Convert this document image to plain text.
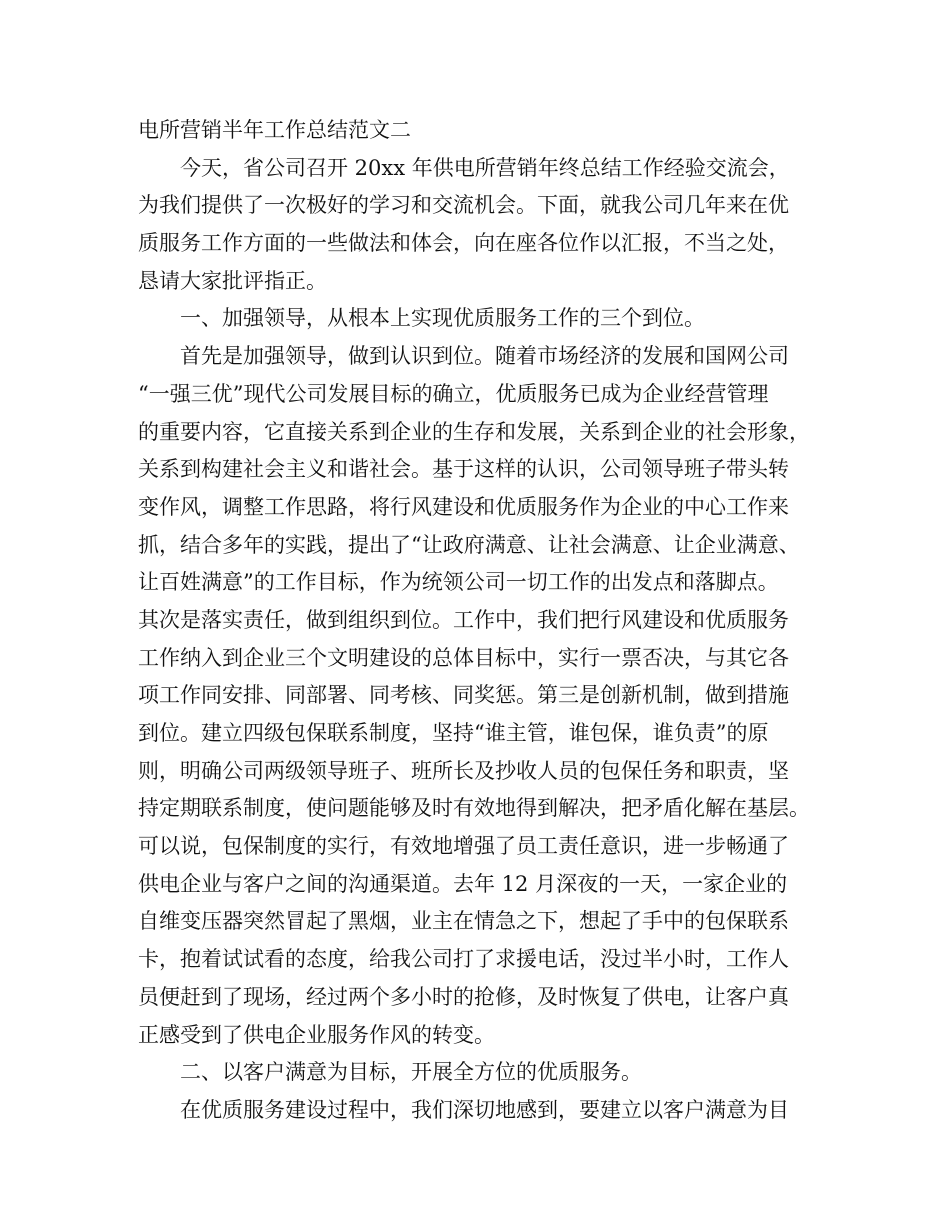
电所营销半年工作总结范文二
今天，省公司召开 20xx 年供电所营销年终总结工作经验交流会，
为我们提供了一次极好的学习和交流机会。下面，就我公司几年来在优
质服务工作方面的一些做法和体会，向在座各位作以汇报，不当之处，
恳请大家批评指正。
一、加强领导，从根本上实现优质服务工作的三个到位。
首先是加强领导，做到认识到位。随着市场经济的发展和国网公司
“一强三优”现代公司发展目标的确立，优质服务已成为企业经营管理
的重要内容，它直接关系到企业的生存和发展，关系到企业的社会形象，
关系到构建社会主义和谐社会。基于这样的认识，公司领导班子带头转
变作风，调整工作思路，将行风建设和优质服务作为企业的中心工作来
抓，结合多年的实践，提出了“让政府满意、让社会满意、让企业满意、
让百姓满意”的工作目标，作为统领公司一切工作的出发点和落脚点。
其次是落实责任，做到组织到位。工作中，我们把行风建设和优质服务
工作纳入到企业三个文明建设的总体目标中，实行一票否决，与其它各
项工作同安排、同部署、同考核、同奖惩。第三是创新机制，做到措施
到位。建立四级包保联系制度，坚持“谁主管，谁包保，谁负责”的原
则，明确公司两级领导班子、班所长及抄收人员的包保任务和职责，坚
持定期联系制度，使问题能够及时有效地得到解决，把矛盾化解在基层。
可以说，包保制度的实行，有效地增强了员工责任意识，进一步畅通了
供电企业与客户之间的沟通渠道。去年 12 月深夜的一天，一家企业的
自维变压器突然冒起了黑烟，业主在情急之下，想起了手中的包保联系
卡，抱着试试看的态度，给我公司打了求援电话，没过半小时，工作人
员便赶到了现场，经过两个多小时的抢修，及时恢复了供电，让客户真
正感受到了供电企业服务作风的转变。
二、以客户满意为目标，开展全方位的优质服务。
在优质服务建设过程中，我们深切地感到，要建立以客户满意为目
